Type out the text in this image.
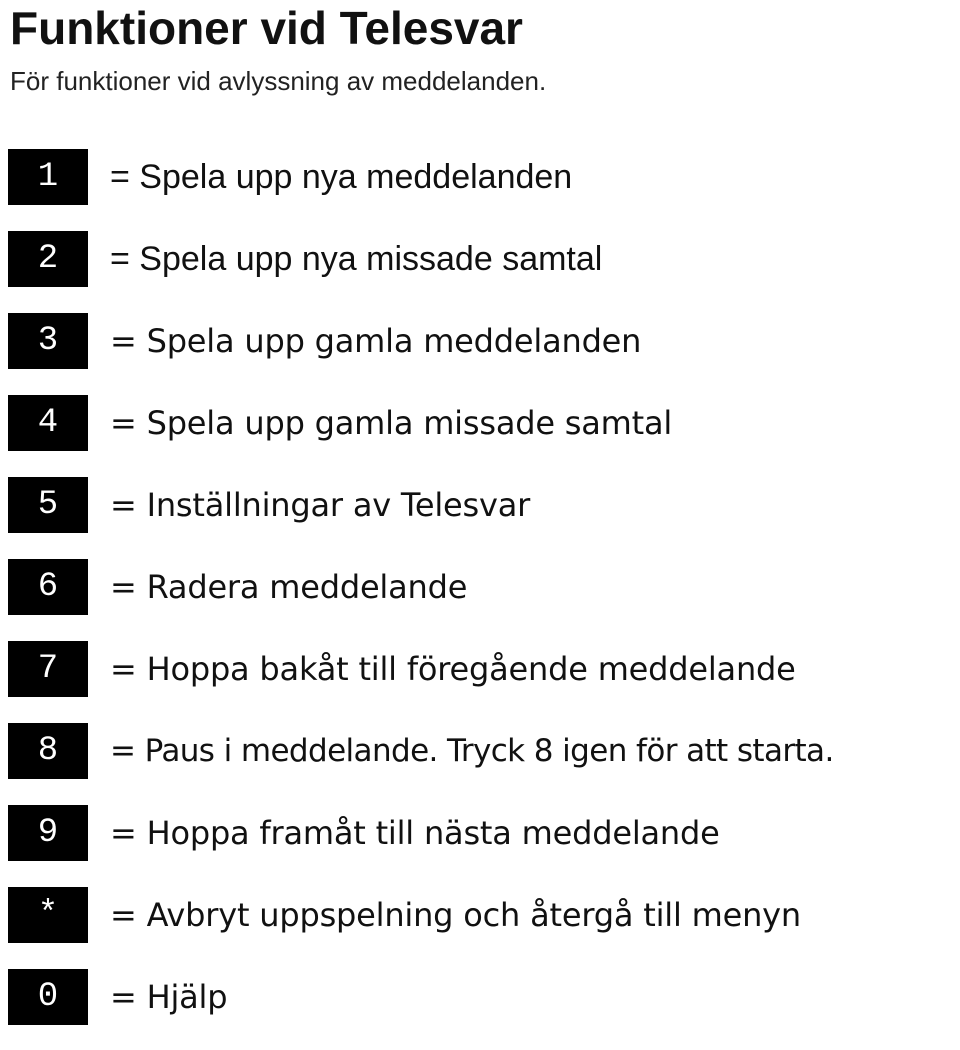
Funktioner vid Telesvar

För funktioner vid avlyssning av meddelanden.

1	= Spela upp nya meddelanden
2	= Spela upp nya missade samtal
3	= Spela upp gamla meddelanden
4	= Spela upp gamla missade samtal
5	= Inställningar av Telesvar
6	= Radera meddelande
7	= Hoppa bakåt till föregående meddelande
8	= Paus i meddelande. Tryck 8 igen för att starta.
9	= Hoppa framåt till nästa meddelande
*	= Avbryt uppspelning och återgå till menyn
0	= Hjälp
